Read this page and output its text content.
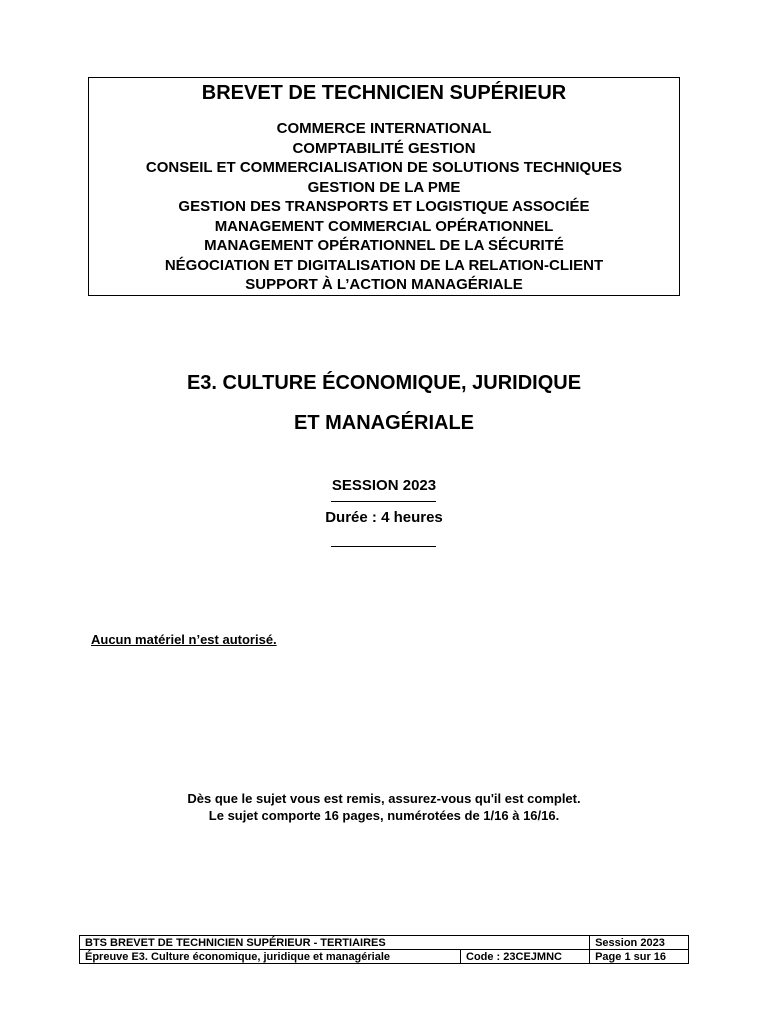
BREVET DE TECHNICIEN SUPÉRIEUR
COMMERCE INTERNATIONAL
COMPTABILITÉ GESTION
CONSEIL ET COMMERCIALISATION DE SOLUTIONS TECHNIQUES
GESTION DE LA PME
GESTION DES TRANSPORTS ET LOGISTIQUE ASSOCIÉE
MANAGEMENT COMMERCIAL OPÉRATIONNEL
MANAGEMENT OPÉRATIONNEL DE LA SÉCURITÉ
NÉGOCIATION ET DIGITALISATION DE LA RELATION-CLIENT
SUPPORT À L’ACTION MANAGÉRIALE
E3. CULTURE ÉCONOMIQUE, JURIDIQUE
ET MANAGÉRIALE
SESSION 2023
Durée : 4 heures
Aucun matériel n’est autorisé.
Dès que le sujet vous est remis, assurez-vous qu'il est complet.
Le sujet comporte 16 pages, numérotées de 1/16 à 16/16.
BTS BREVET DE TECHNICIEN SUPÉRIEUR - TERTIAIRES		Session 2023
Épreuve E3. Culture économique, juridique et managériale	Code : 23CEJMNC	Page 1 sur 16
